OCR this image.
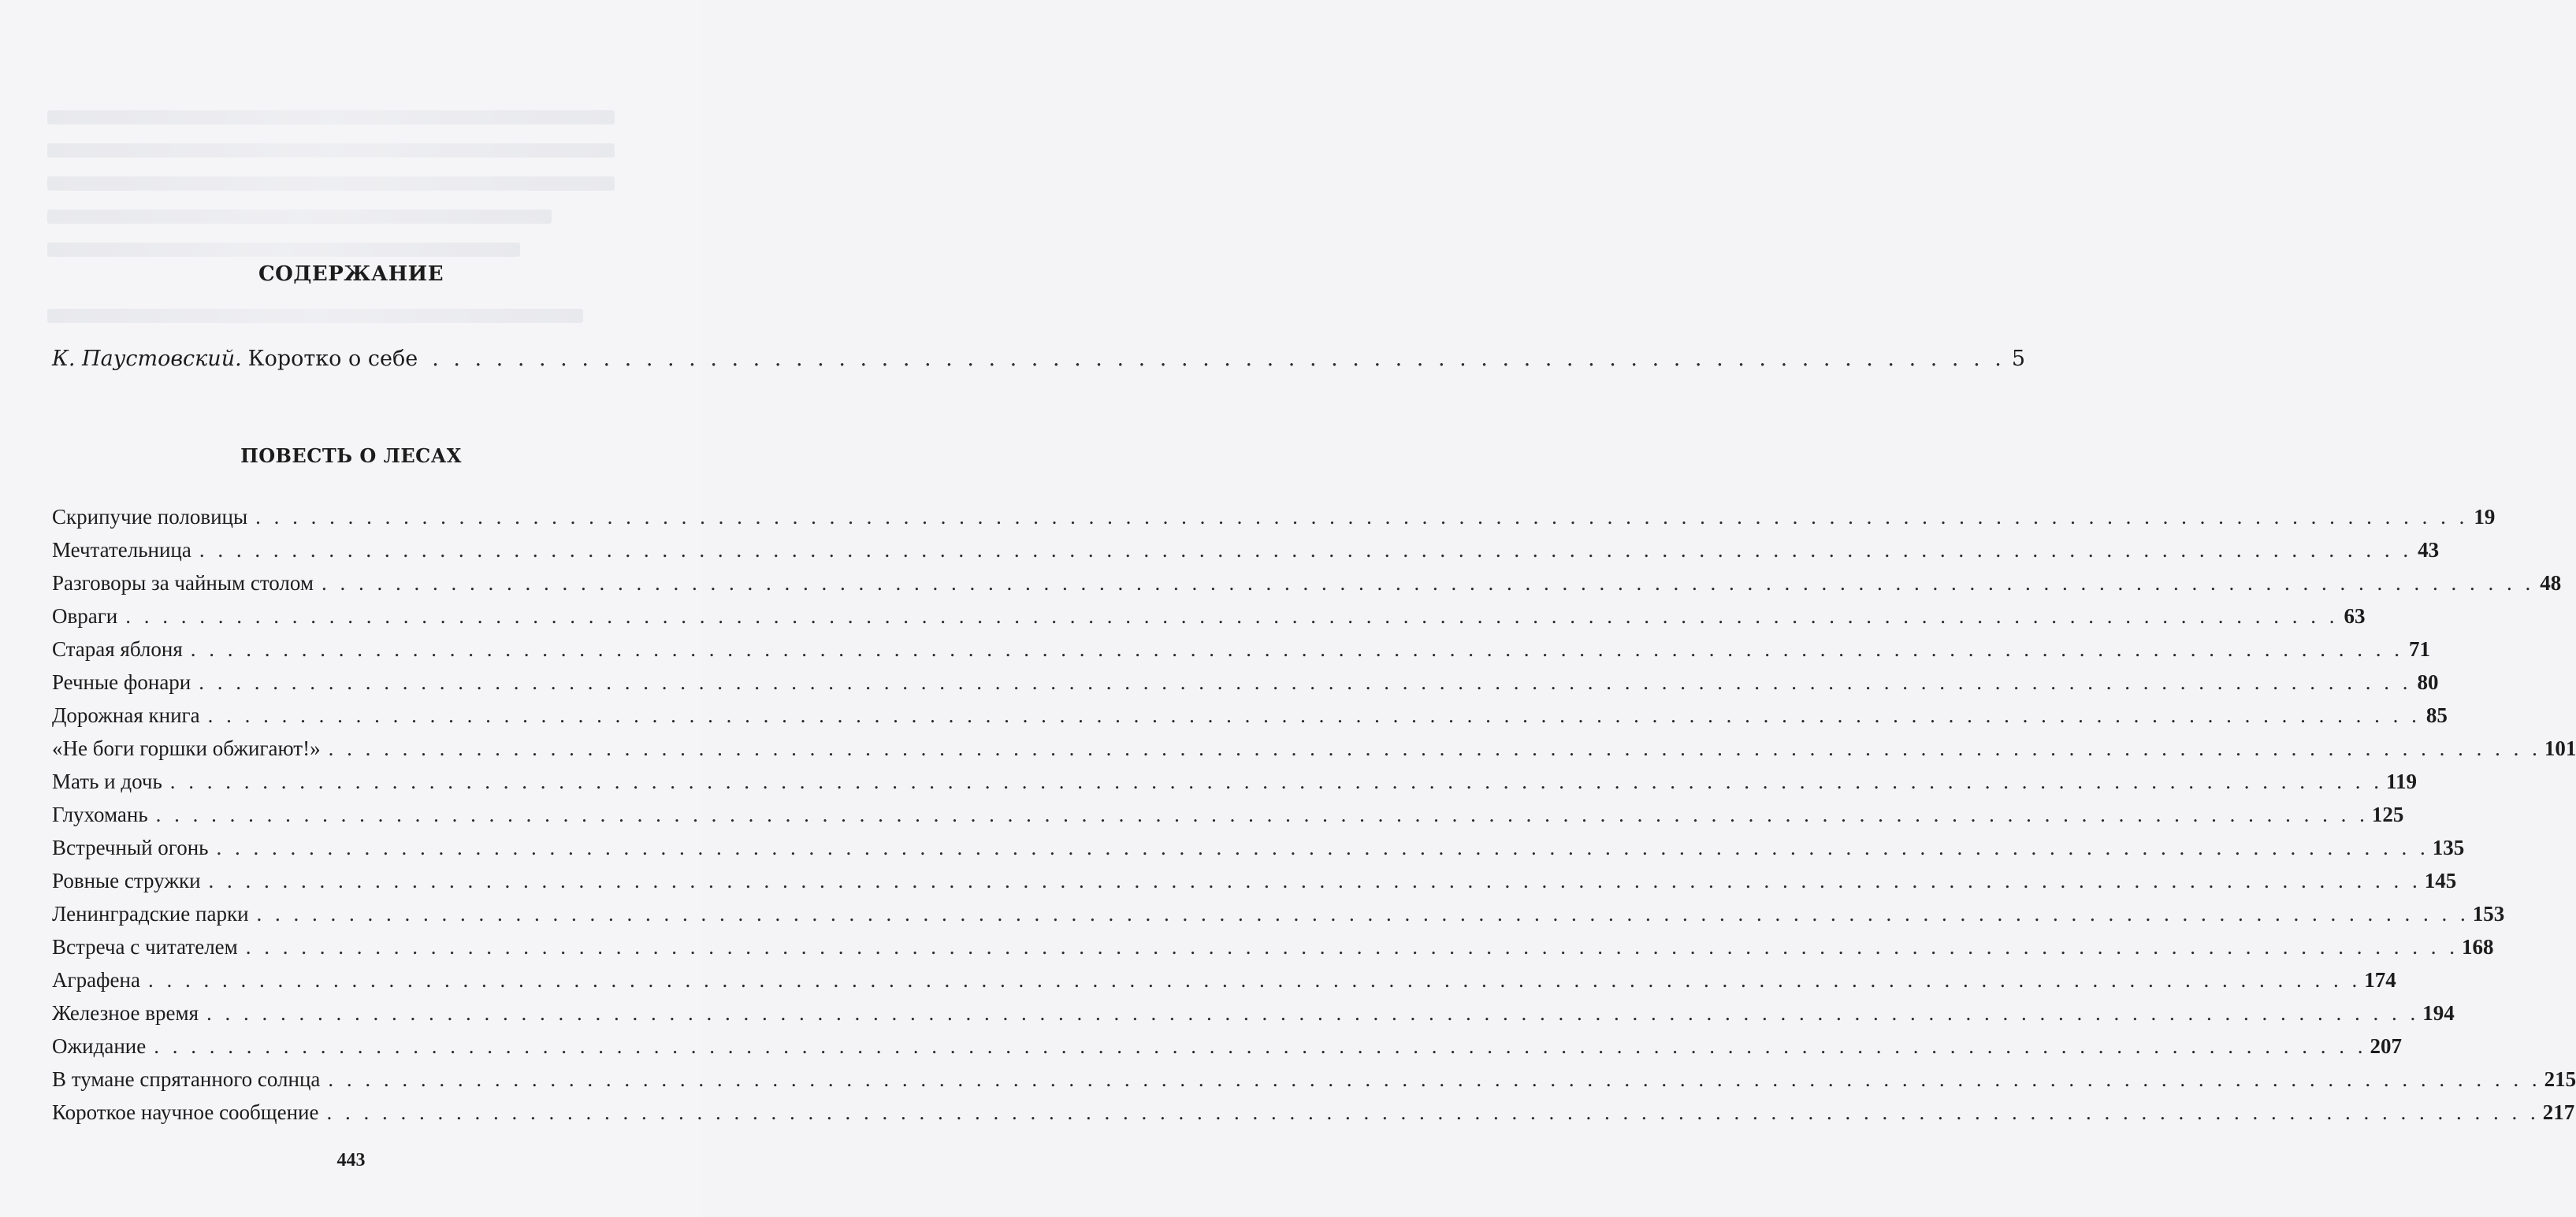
СОДЕРЖАНИЕ
К. Паустовский. Коротко о себе . . . . . . . . . . . . . . . . . . . . . . . . . . . . . . . . . . . . . . . . . . . . . . . . . . . . . . . . . . . . . . . . . . . . . . . . . . 5
ПОВЕСТЬ О ЛЕСАХ
Скрипучие половицы . . . . . . . . . . . . . . . . . . . . . . . . . . . . . . . . . . . . . . . . . . . . . . . . . . . . . . . . . . . . . . . . . . . . . . . . . . . . . . . . . . . . . . . . . . . . . . . . . . . . . . . . . . . . . . . . . . . . . . . . 19
Мечтательница . . . . . . . . . . . . . . . . . . . . . . . . . . . . . . . . . . . . . . . . . . . . . . . . . . . . . . . . . . . . . . . . . . . . . . . . . . . . . . . . . . . . . . . . . . . . . . . . . . . . . . . . . . . . . . . . . . . . . . . . 43
Разговоры за чайным столом . . . . . . . . . . . . . . . . . . . . . . . . . . . . . . . . . . . . . . . . . . . . . . . . . . . . . . . . . . . . . . . . . . . . . . . . . . . . . . . . . . . . . . . . . . . . . . . . . . . . . . . . . . . . . . . . . . . . . . . . 48
Овраги . . . . . . . . . . . . . . . . . . . . . . . . . . . . . . . . . . . . . . . . . . . . . . . . . . . . . . . . . . . . . . . . . . . . . . . . . . . . . . . . . . . . . . . . . . . . . . . . . . . . . . . . . . . . . . . . . . . . . . . . 63
Старая яблоня . . . . . . . . . . . . . . . . . . . . . . . . . . . . . . . . . . . . . . . . . . . . . . . . . . . . . . . . . . . . . . . . . . . . . . . . . . . . . . . . . . . . . . . . . . . . . . . . . . . . . . . . . . . . . . . . . . . . . . . . 71
Речные фонари . . . . . . . . . . . . . . . . . . . . . . . . . . . . . . . . . . . . . . . . . . . . . . . . . . . . . . . . . . . . . . . . . . . . . . . . . . . . . . . . . . . . . . . . . . . . . . . . . . . . . . . . . . . . . . . . . . . . . . . . 80
Дорожная книга . . . . . . . . . . . . . . . . . . . . . . . . . . . . . . . . . . . . . . . . . . . . . . . . . . . . . . . . . . . . . . . . . . . . . . . . . . . . . . . . . . . . . . . . . . . . . . . . . . . . . . . . . . . . . . . . . . . . . . . . 85
«Не боги горшки обжигают!» . . . . . . . . . . . . . . . . . . . . . . . . . . . . . . . . . . . . . . . . . . . . . . . . . . . . . . . . . . . . . . . . . . . . . . . . . . . . . . . . . . . . . . . . . . . . . . . . . . . . . . . . . . . . . . . . . . . . . . . . 101
Мать и дочь . . . . . . . . . . . . . . . . . . . . . . . . . . . . . . . . . . . . . . . . . . . . . . . . . . . . . . . . . . . . . . . . . . . . . . . . . . . . . . . . . . . . . . . . . . . . . . . . . . . . . . . . . . . . . . . . . . . . . . . . 119
Глухомань . . . . . . . . . . . . . . . . . . . . . . . . . . . . . . . . . . . . . . . . . . . . . . . . . . . . . . . . . . . . . . . . . . . . . . . . . . . . . . . . . . . . . . . . . . . . . . . . . . . . . . . . . . . . . . . . . . . . . . . . 125
Встречный огонь . . . . . . . . . . . . . . . . . . . . . . . . . . . . . . . . . . . . . . . . . . . . . . . . . . . . . . . . . . . . . . . . . . . . . . . . . . . . . . . . . . . . . . . . . . . . . . . . . . . . . . . . . . . . . . . . . . . . . . . . 135
Ровные стружки . . . . . . . . . . . . . . . . . . . . . . . . . . . . . . . . . . . . . . . . . . . . . . . . . . . . . . . . . . . . . . . . . . . . . . . . . . . . . . . . . . . . . . . . . . . . . . . . . . . . . . . . . . . . . . . . . . . . . . . . 145
Ленинградские парки . . . . . . . . . . . . . . . . . . . . . . . . . . . . . . . . . . . . . . . . . . . . . . . . . . . . . . . . . . . . . . . . . . . . . . . . . . . . . . . . . . . . . . . . . . . . . . . . . . . . . . . . . . . . . . . . . . . . . . . . 153
Встреча с читателем . . . . . . . . . . . . . . . . . . . . . . . . . . . . . . . . . . . . . . . . . . . . . . . . . . . . . . . . . . . . . . . . . . . . . . . . . . . . . . . . . . . . . . . . . . . . . . . . . . . . . . . . . . . . . . . . . . . . . . . . 168
Аграфена . . . . . . . . . . . . . . . . . . . . . . . . . . . . . . . . . . . . . . . . . . . . . . . . . . . . . . . . . . . . . . . . . . . . . . . . . . . . . . . . . . . . . . . . . . . . . . . . . . . . . . . . . . . . . . . . . . . . . . . . 174
Железное время . . . . . . . . . . . . . . . . . . . . . . . . . . . . . . . . . . . . . . . . . . . . . . . . . . . . . . . . . . . . . . . . . . . . . . . . . . . . . . . . . . . . . . . . . . . . . . . . . . . . . . . . . . . . . . . . . . . . . . . . 194
Ожидание . . . . . . . . . . . . . . . . . . . . . . . . . . . . . . . . . . . . . . . . . . . . . . . . . . . . . . . . . . . . . . . . . . . . . . . . . . . . . . . . . . . . . . . . . . . . . . . . . . . . . . . . . . . . . . . . . . . . . . . . 207
В тумане спрятанного солнца . . . . . . . . . . . . . . . . . . . . . . . . . . . . . . . . . . . . . . . . . . . . . . . . . . . . . . . . . . . . . . . . . . . . . . . . . . . . . . . . . . . . . . . . . . . . . . . . . . . . . . . . . . . . . . . . . . . . . . . . 215
Короткое научное сообщение . . . . . . . . . . . . . . . . . . . . . . . . . . . . . . . . . . . . . . . . . . . . . . . . . . . . . . . . . . . . . . . . . . . . . . . . . . . . . . . . . . . . . . . . . . . . . . . . . . . . . . . . . . . . . . . . . . . . . . . . 217
443
